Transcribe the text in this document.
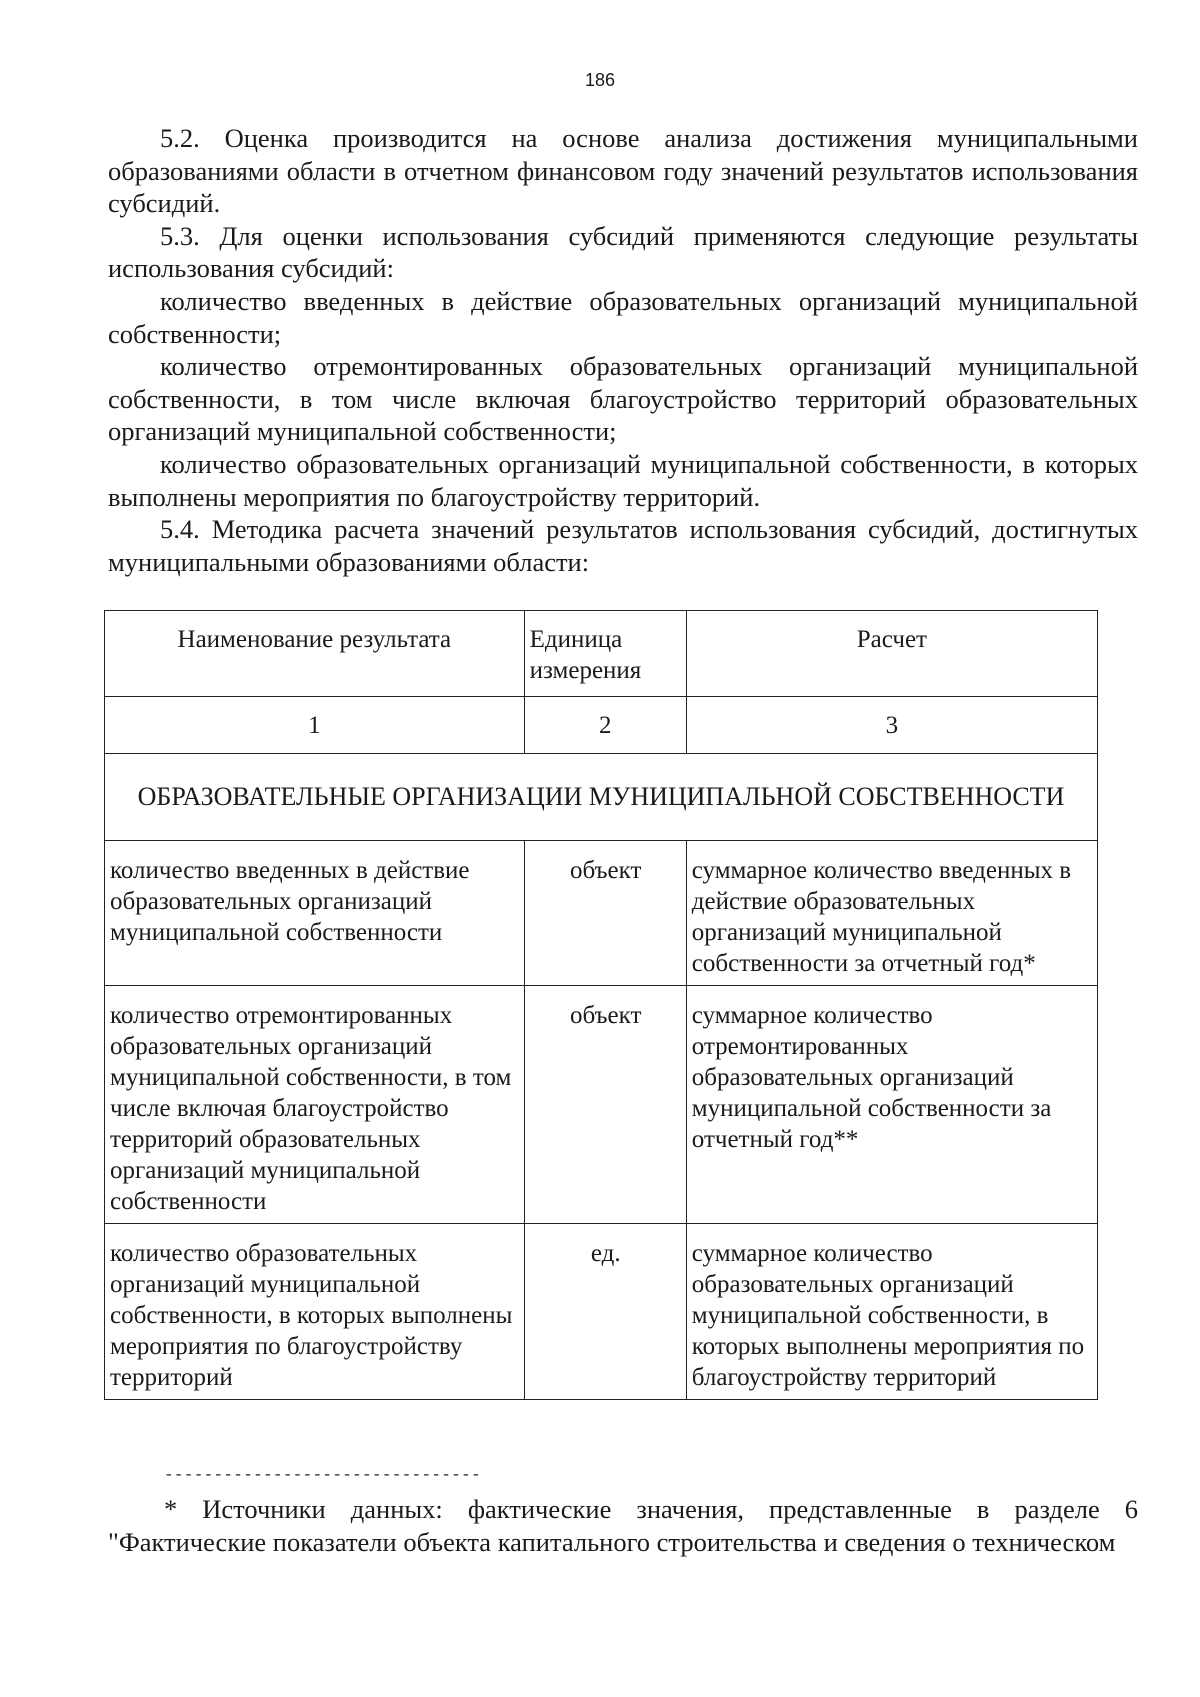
186

5.2. Оценка производится на основе анализа достижения муниципальными образованиями области в отчетном финансовом году значений результатов использования субсидий.

5.3. Для оценки использования субсидий применяются следующие результаты использования субсидий:

количество введенных в действие образовательных организаций муниципальной собственности;

количество отремонтированных образовательных организаций муниципальной собственности, в том числе включая благоустройство территорий образовательных организаций муниципальной собственности;

количество образовательных организаций муниципальной собственности, в которых выполнены мероприятия по благоустройству территорий.

5.4. Методика расчета значений результатов использования субсидий, достигнутых муниципальными образованиями области:

Наименование результата	Единица измерения	Расчет
1	2	3
ОБРАЗОВАТЕЛЬНЫЕ ОРГАНИЗАЦИИ МУНИЦИПАЛЬНОЙ СОБСТВЕННОСТИ		
количество введенных в действие образовательных организаций муниципальной собственности	объект	суммарное количество введенных в действие образовательных организаций муниципальной собственности за отчетный год*
количество отремонтированных образовательных организаций муниципальной собственности, в том числе включая благоустройство территорий образовательных организаций муниципальной собственности	объект	суммарное количество отремонтированных образовательных организаций муниципальной собственности за отчетный год**
количество образовательных организаций муниципальной собственности, в которых выполнены мероприятия по благоустройству территорий	ед.	суммарное количество образовательных организаций муниципальной собственности, в которых выполнены мероприятия по благоустройству территорий
--------------------------------
* Источники данных: фактические значения, представленные в разделе 6 "Фактические показатели объекта капитального строительства и сведения о техническом
